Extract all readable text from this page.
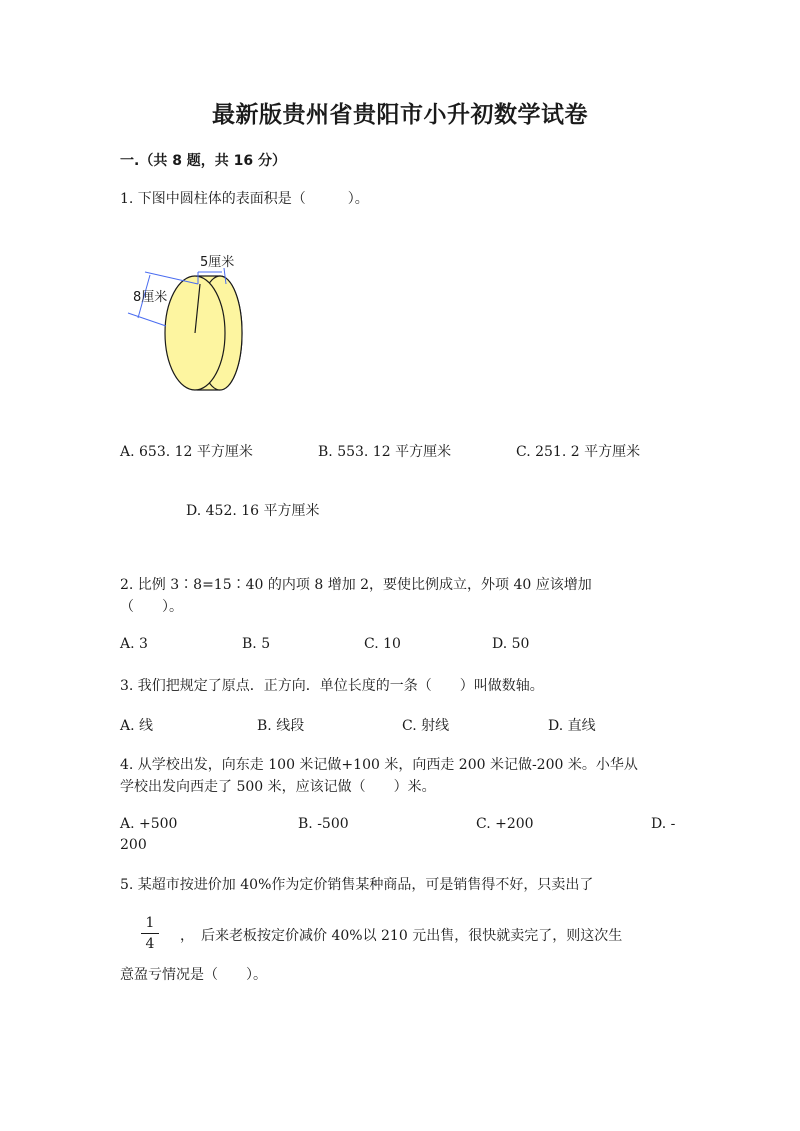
最新版贵州省贵阳市小升初数学试卷
一.（共 8 题，共 16 分）
1. 下图中圆柱体的表面积是（　　　）。
5厘米
8厘米
A. 653. 12 平方厘米	B. 553. 12 平方厘米	C. 251. 2 平方厘米
D. 452. 16 平方厘米
2. 比例 3∶8=15∶40 的内项 8 增加 2，要使比例成立，外项 40 应该增加
（　　）。
A. 3	B. 5	C. 10	D. 50
3. 我们把规定了原点．正方向．单位长度的一条（　　）叫做数轴。
A. 线	B. 线段	C. 射线	D. 直线
4. 从学校出发，向东走 100 米记做+100 米，向西走 200 米记做-200 米。小华从
学校出发向西走了 500 米，应该记做（　　）米。
A. +500	B. -500	C. +200	D. -
200
5. 某超市按进价加 40%作为定价销售某种商品，可是销售得不好，只卖出了
1
4	，　后来老板按定价减价 40%以 210 元出售，很快就卖完了，则这次生
意盈亏情况是（　　）。
